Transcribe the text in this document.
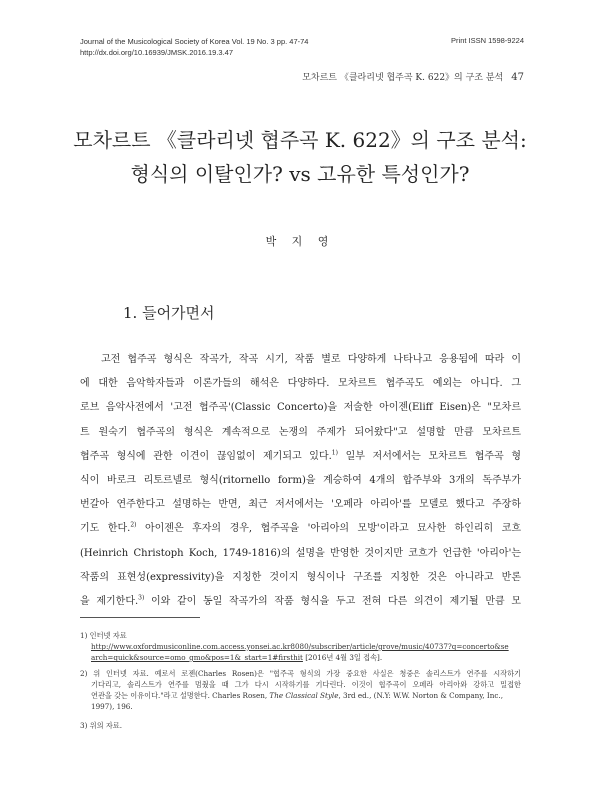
Journal of the Musicological Society of Korea Vol. 19 No. 3 pp. 47-74
http://dx.doi.org/10.16939/JMSK.2016.19.3.47
Print ISSN 1598-9224
모차르트 《클라리넷 협주곡 K. 622》의 구조 분석 47
모차르트 《클라리넷 협주곡 K. 622》의 구조 분석:
형식의 이탈인가? vs 고유한 특성인가?
박 지 영
1. 들어가면서
고전 협주곡 형식은 작곡가, 작곡 시기, 작품 별로 다양하게 나타나고 응용됨에 따라 이
에 대한 음악학자들과 이론가들의 해석은 다양하다. 모차르트 협주곡도 예외는 아니다. 그
로브 음악사전에서 '고전 협주곡'(Classic Concerto)을 저술한 아이젠(Eliff Eisen)은 "모차르
트 원숙기 협주곡의 형식은 계속적으로 논쟁의 주제가 되어왔다"고 설명할 만큼 모차르트
협주곡 형식에 관한 이견이 끊임없이 제기되고 있다.$^{1)}$ 일부 저서에서는 모차르트 협주곡 형
식이 바로크 리토르넬로 형식(ritornello form)을 계승하여 4개의 합주부와 3개의 독주부가
번갈아 연주한다고 설명하는 반면, 최근 저서에서는 '오페라 아리아'를 모델로 했다고 주장하
기도 한다.$^{2)}$ 아이젠은 후자의 경우, 협주곡을 '아리아의 모방'이라고 묘사한 하인리히 코흐
(Heinrich Christoph Koch, 1749-1816)의 설명을 반영한 것이지만 코흐가 언급한 '아리아'는
작품의 표현성(expressivity)을 지칭한 것이지 형식이나 구조를 지칭한 것은 아니라고 반론
을 제기한다.$^{3)}$ 이와 같이 동일 작곡가의 작품 형식을 두고 전혀 다른 의견이 제기될 만큼 모
1) 인터넷 자료
http://www.oxfordmusiconline.com.access.yonsei.ac.kr8080/subscriber/article/grove/music/40737?q=concerto&se
arch=quick&source=omo_gmo&pos=1&_start=1#firsthit [2016년 4월 3일 접속].
2) 위 인터넷 자료. 예로서 로젠(Charles Rosen)은 "협주곡 형식의 가장 중요한 사실은 청중은 솔리스트가 연주를 시작하기
기다리고, 솔리스트가 연주를 멈췄을 때 그가 다시 시작하기를 기다린다. 이것이 협주곡이 오페라 아리아와 강하고 밀접한
연관을 갖는 이유이다."라고 설명한다. Charles Rosen, The Classical Style, 3rd ed., (N.Y: W.W. Norton & Company, Inc.,
1997), 196.
3) 위의 자료.
